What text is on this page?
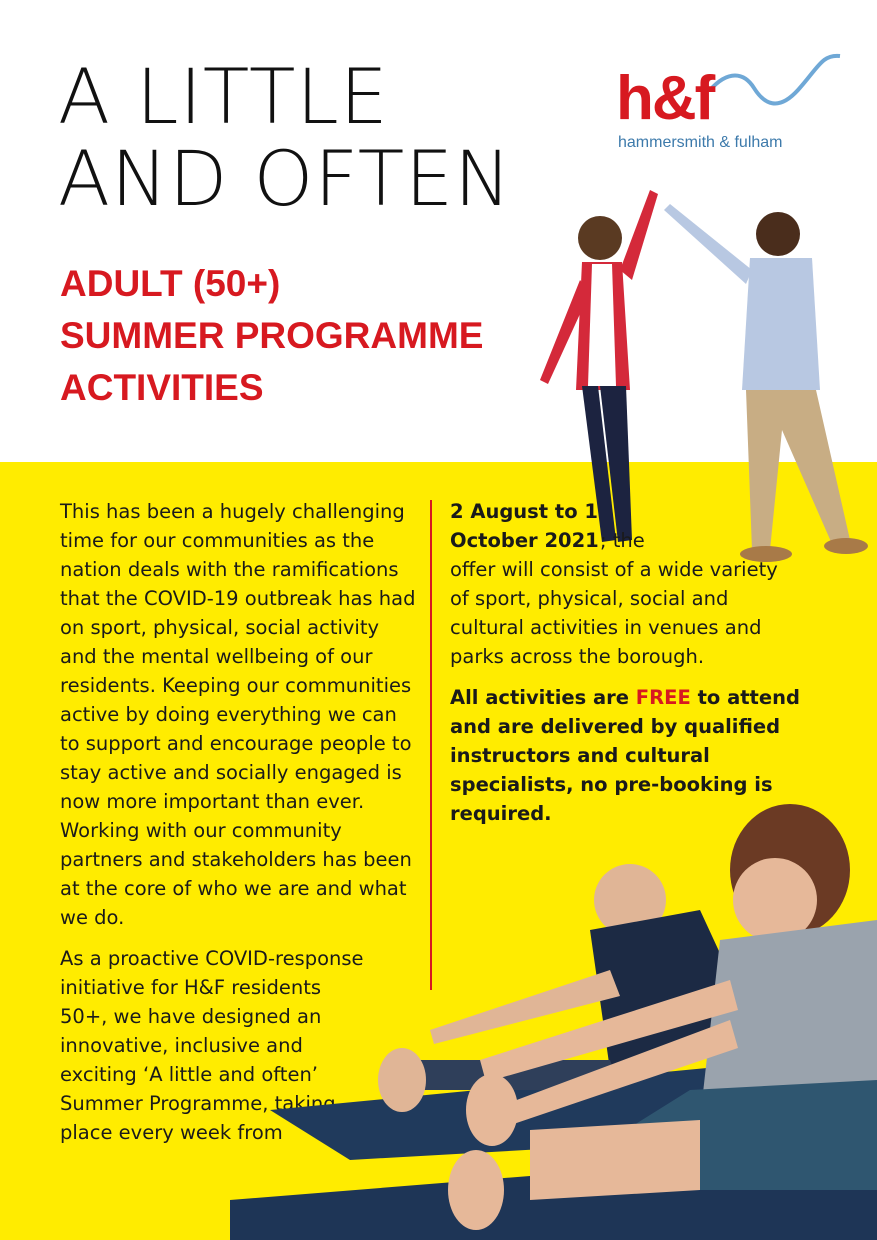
A LITTLE
AND OFTEN
ADULT (50+)
SUMMER PROGRAMME
ACTIVITIES
h&f
hammersmith & fulham

This has been a hugely challenging time for our communities as the nation deals with the ramifications that the COVID-19 outbreak has had on sport, physical, social activity and the mental wellbeing of our residents. Keeping our communities active by doing everything we can to support and encourage people to stay active and socially engaged is now more important than ever. Working with our community partners and stakeholders has been at the core of who we are and what we do.

As a proactive COVID-response initiative for H&F residents 50+, we have designed an innovative, inclusive and exciting ‘A little and often’ Summer Programme, taking place every week from

2 August to 1 October 2021; the

offer will consist of a wide variety of sport, physical, social and cultural activities in venues and parks across the borough.

All activities are FREE to attend and are delivered by qualified instructors and cultural specialists, no pre-booking is required.
